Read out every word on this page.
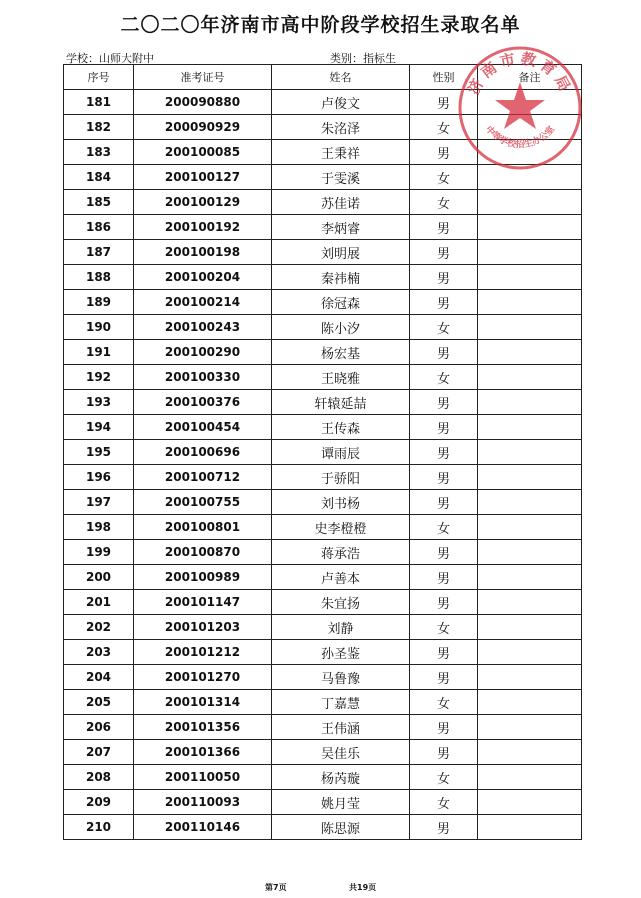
二〇二〇年济南市高中阶段学校招生录取名单
学校：山师大附中	类别：指标生
序号	准考证号	姓名	性别	备注
181	200090880	卢俊文	男	
182	200090929	朱洺泽	女	
183	200100085	王秉祥	男	
184	200100127	于雯溪	女	
185	200100129	苏佳诺	女	
186	200100192	李炳睿	男	
187	200100198	刘明展	男	
188	200100204	秦祎楠	男	
189	200100214	徐冠森	男	
190	200100243	陈小汐	女	
191	200100290	杨宏基	男	
192	200100330	王晓雅	女	
193	200100376	轩辕延喆	男	
194	200100454	王传森	男	
195	200100696	谭雨辰	男	
196	200100712	于骄阳	男	
197	200100755	刘书杨	男	
198	200100801	史李橙橙	女	
199	200100870	蒋承浩	男	
200	200100989	卢善本	男	
201	200101147	朱宜扬	男	
202	200101203	刘静	女	
203	200101212	孙圣鉴	男	
204	200101270	马鲁豫	男	
205	200101314	丁嘉慧	女	
206	200101356	王伟涵	男	
207	200101366	吴佳乐	男	
208	200110050	杨芮璇	女	
209	200110093	姚月莹	女	
210	200110146	陈思源	男	
济南市教育局
中等学校招生办公室
第7页	共19页
